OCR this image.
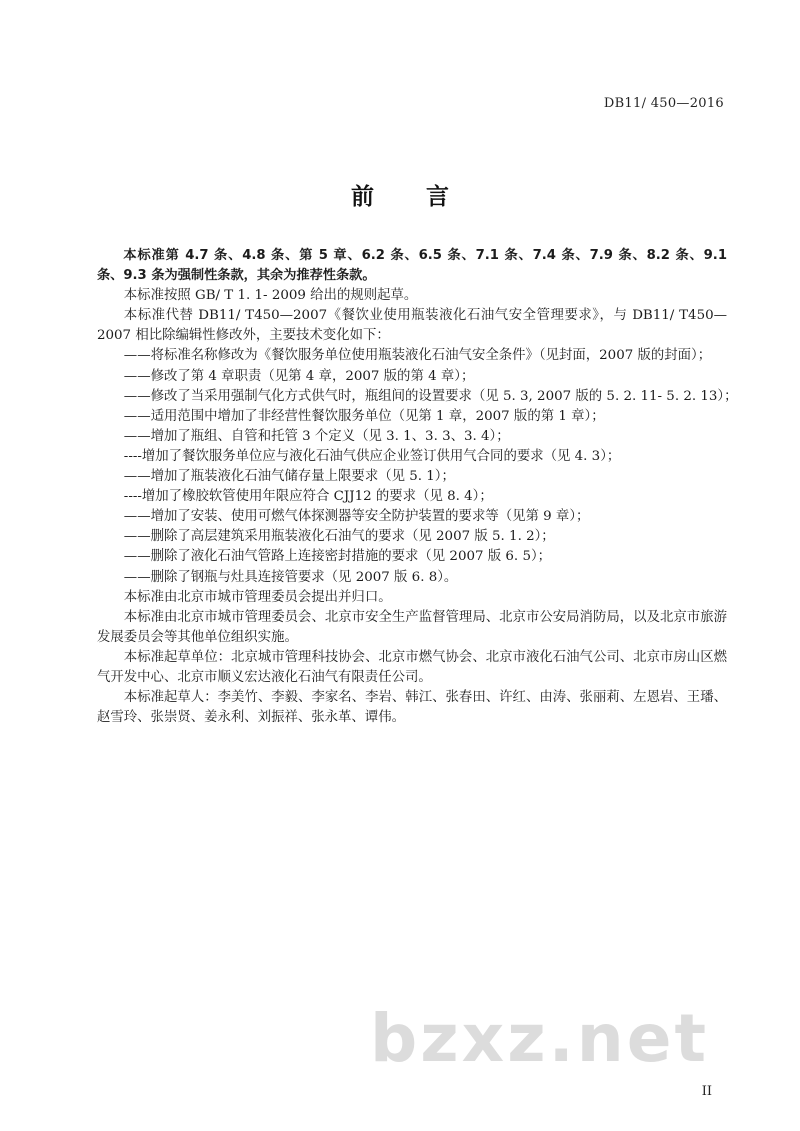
DB11/ 450—2016
前 言

本标准第 4.7 条、4.8 条、第 5 章、6.2 条、6.5 条、7.1 条、7.4 条、7.9 条、8.2 条、9.1 条、9.3 条为强制性条款，其余为推荐性条款。

本标准按照 GB/ T 1. 1- 2009 给出的规则起草。

本标准代替 DB11/ T450—2007《餐饮业使用瓶装液化石油气安全管理要求》，与 DB11/ T450—2007 相比除编辑性修改外，主要技术变化如下：

——将标准名称修改为《餐饮服务单位使用瓶装液化石油气安全条件》（见封面，2007 版的封面）；

——修改了第 4 章职责（见第 4 章，2007 版的第 4 章）；

——修改了当采用强制气化方式供气时，瓶组间的设置要求（见 5. 3, 2007 版的 5. 2. 11- 5. 2. 13）；

——适用范围中增加了非经营性餐饮服务单位（见第 1 章，2007 版的第 1 章）；

——增加了瓶组、自管和托管 3 个定义（见 3. 1、3. 3、3. 4）；

----增加了餐饮服务单位应与液化石油气供应企业签订供用气合同的要求（见 4. 3）；

——增加了瓶装液化石油气储存量上限要求（见 5. 1）；

----增加了橡胶软管使用年限应符合 CJJ12 的要求（见 8. 4）；

——增加了安装、使用可燃气体探测器等安全防护装置的要求等（见第 9 章）；

——删除了高层建筑采用瓶装液化石油气的要求（见 2007 版 5. 1. 2）；

——删除了液化石油气管路上连接密封措施的要求（见 2007 版 6. 5）；

——删除了钢瓶与灶具连接管要求（见 2007 版 6. 8）。

本标准由北京市城市管理委员会提出并归口。

本标准由北京市城市管理委员会、北京市安全生产监督管理局、北京市公安局消防局，以及北京市旅游发展委员会等其他单位组织实施。

本标准起草单位：北京城市管理科技协会、北京市燃气协会、北京市液化石油气公司、北京市房山区燃气开发中心、北京市顺义宏达液化石油气有限责任公司。

本标准起草人：李美竹、李毅、李家名、李岩、韩江、张春田、许红、由涛、张丽莉、左恩岩、王璠、赵雪玲、张崇贤、姜永利、刘振祥、张永革、谭伟。

bzxz.net
II
